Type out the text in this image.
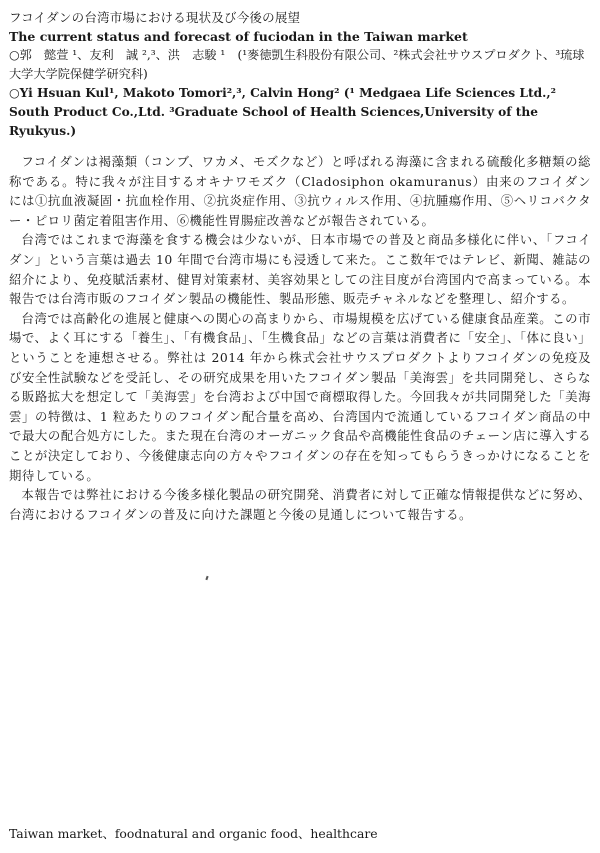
フコイダンの台湾市場における現状及び今後の展望

The current status and forecast of fuciodan in the Taiwan market

○郭　懿萱 ¹、友利　誠 ²,³、洪　志駿 ¹　(¹麥徳凱生科股份有限公司、²株式会社サウスプロダクト、³琉球大学大学院保健学研究科)

○Yi Hsuan Kul¹, Makoto Tomori²,³, Calvin Hong² (¹ Medgaea Life Sciences Ltd.,² South Product Co.,Ltd. ³Graduate School of Health Sciences,University of the Ryukyus.)

フコイダンは褐藻類（コンブ、ワカメ、モズクなど）と呼ばれる海藻に含まれる硫酸化多糖類の総称である。特に我々が注目するオキナワモズク（Cladosiphon okamuranus）由来のフコイダンには①抗血液凝固・抗血栓作用、②抗炎症作用、③抗ウィルス作用、④抗腫瘍作用、⑤ヘリコバクター・ピロリ菌定着阻害作用、⑥機能性胃腸症改善などが報告されている。

台湾ではこれまで海藻を食する機会は少ないが、日本市場での普及と商品多様化に伴い、「フコイダン」という言葉は過去 10 年間で台湾市場にも浸透して来た。ここ数年ではテレビ、新聞、雑誌の紹介により、免疫賦活素材、健胃対策素材、美容効果としての注目度が台湾国内で高まっている。本報告では台湾市販のフコイダン製品の機能性、製品形態、販売チャネルなどを整理し、紹介する。

台湾では高齢化の進展と健康への関心の高まりから、市場規模を広げている健康食品産業。この市場で、よく耳にする「養生」、「有機食品」、「生機食品」などの言葉は消費者に「安全」、「体に良い」ということを連想させる。弊社は 2014 年から株式会社サウスプロダクトよりフコイダンの免疫及び安全性試験などを受託し、その研究成果を用いたフコイダン製品「美海雲」を共同開発し、さらなる販路拡大を想定して「美海雲」を台湾および中国で商標取得した。今回我々が共同開発した「美海雲」の特徴は、1 粒あたりのフコイダン配合量を高め、台湾国内で流通しているフコイダン商品の中で最大の配合処方にした。また現在台湾のオーガニック食品や高機能性食品のチェーン店に導入することが決定しており、今後健康志向の方々やフコイダンの存在を知ってもらうきっかけになることを期待している。

本報告では弊社における今後多様化製品の研究開発、消費者に対して正確な情報提供などに努め、台湾におけるフコイダンの普及に向けた課題と今後の見通しについて報告する。

Taiwan market、foodnatural and organic food、healthcare
